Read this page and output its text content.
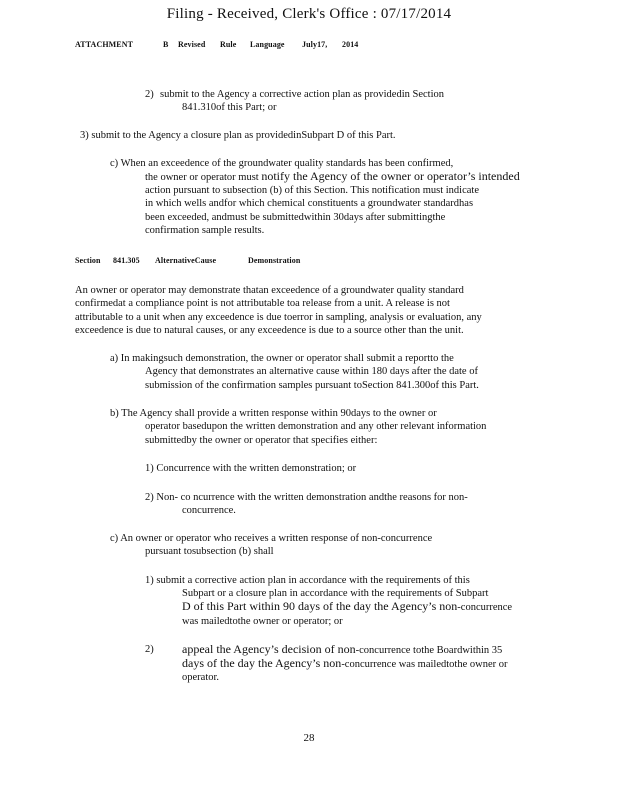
Filing - Received, Clerk's Office : 07/17/2014
ATTACHMENT	B Revised Rule Language July17, 2014
2) submit to the Agency a corrective action plan as providedin Section
841.310of this Part; or
3) submit to the Agency a closure plan as providedinSubpart D of this Part.
c) When an exceedence of the groundwater quality standards has been confirmed,
the owner or operator must notify the Agency of the owner or operator’s intended
action pursuant to subsection (b) of this Section. This notification must indicate
in which wells andfor which chemical constituents a groundwater standardhas
been exceeded, andmust be submittedwithin 30days after submittingthe
confirmation sample results.
Section 841.305 AlternativeCause	Demonstration
An owner or operator may demonstrate thatan exceedence of a groundwater quality standard
confirmedat a compliance point is not attributable toa release from a unit. A release is not
attributable to a unit when any exceedence is due toerror in sampling, analysis or evaluation, any
exceedence is due to natural causes, or any exceedence is due to a source other than the unit.
a) In makingsuch demonstration, the owner or operator shall submit a reportto the
Agency that demonstrates an alternative cause within 180 days after the date of
submission of the confirmation samples pursuant toSection 841.300of this Part.
b) The Agency shall provide a written response within 90days to the owner or
operator basedupon the written demonstration and any other relevant information
submittedby the owner or operator that specifies either:
1) Concurrence with the written demonstration; or
2) Non- co ncurrence with the written demonstration andthe reasons for non-
concurrence.
c) An owner or operator who receives a written response of non-concurrence
pursuant tosubsection (b) shall
1) submit a corrective action plan in accordance with the requirements of this
Subpart or a closure plan in accordance with the requirements of Subpart
D of this Part within 90 days of the day the Agency’s non-concurrence
was mailedtothe owner or operator; or
2) appeal the Agency’s decision of non-concurrence tothe Boardwithin 35
days of the day the Agency’s non-concurrence was mailedtothe owner or
operator.
28
